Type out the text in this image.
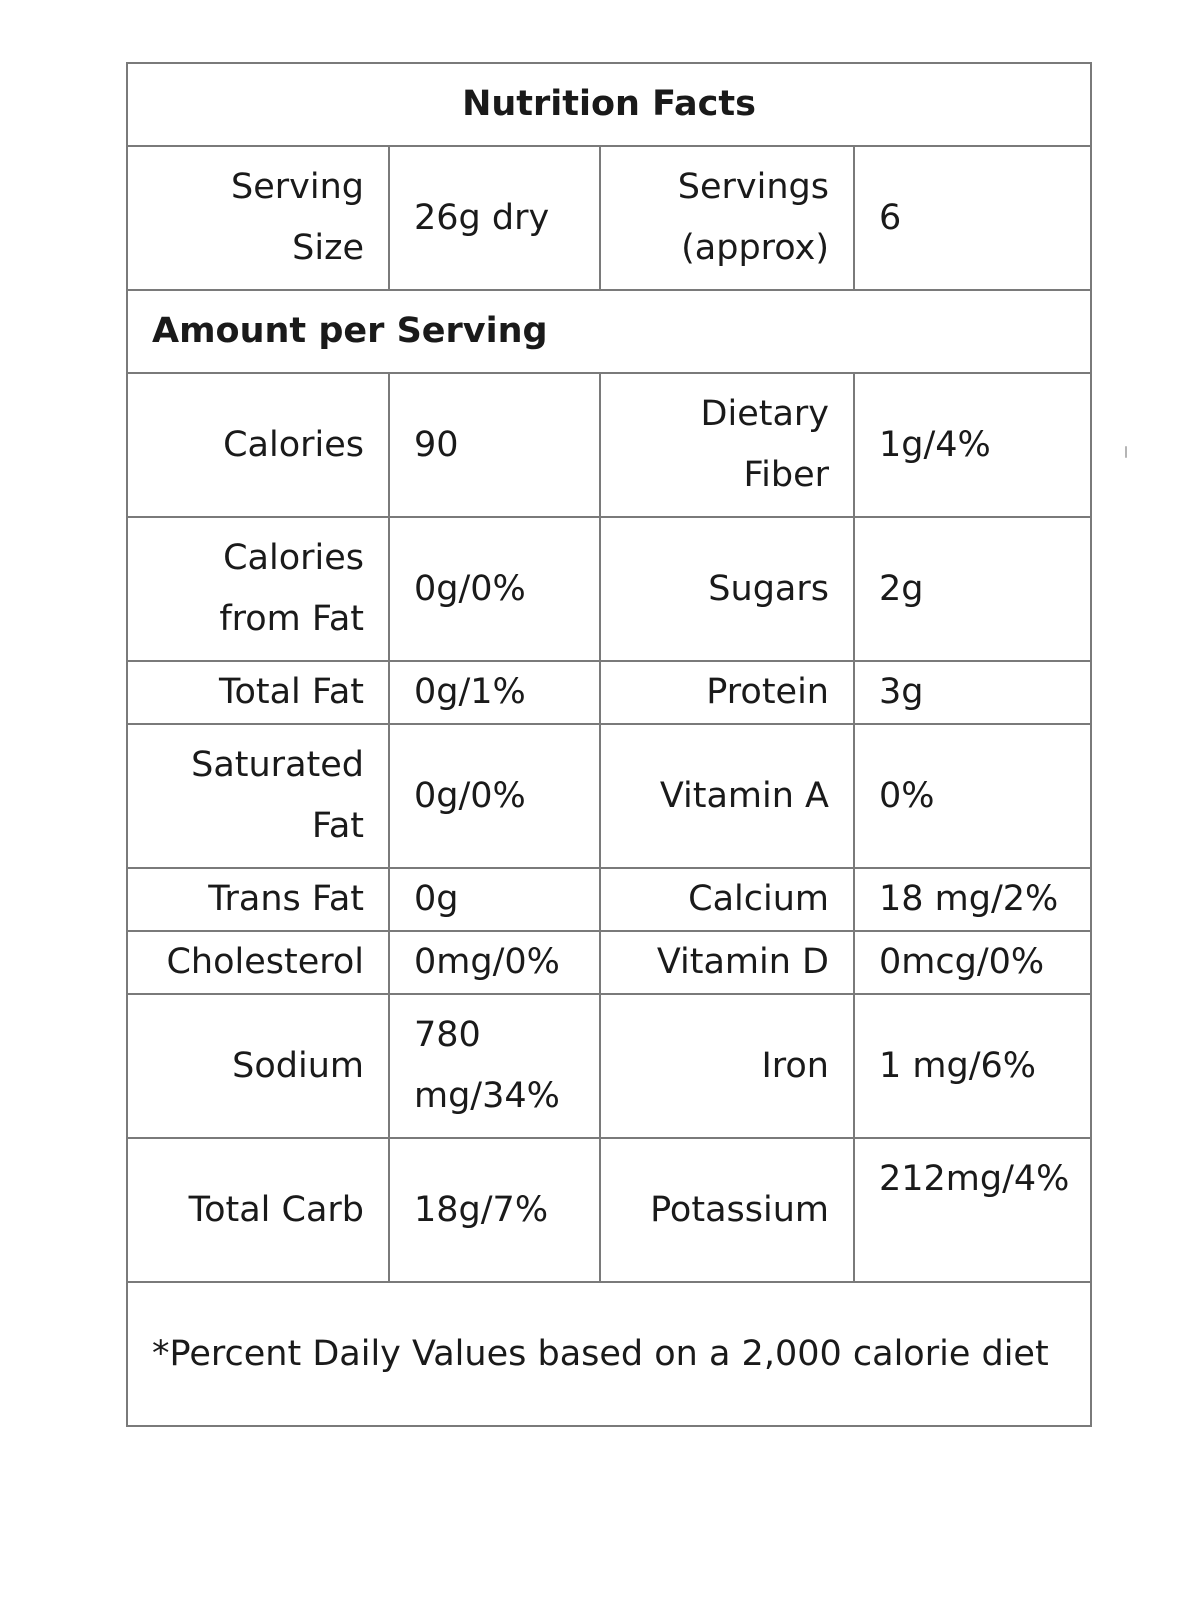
Nutrition Facts			
Serving Size	26g dry	Servings (approx)	6
Amount per Serving			
Calories	90	Dietary Fiber	1g/4%
Calories from Fat	0g/0%	Sugars	2g
Total Fat	0g/1%	Protein	3g
Saturated Fat	0g/0%	Vitamin A	0%
Trans Fat	0g	Calcium	18 mg/2%
Cholesterol	0mg/0%	Vitamin D	0mcg/0%
Sodium	780 mg/34%	Iron	1 mg/6%
Total Carb	18g/7%	Potassium	212mg/4%
*Percent Daily Values based on a 2,000 calorie diet			
